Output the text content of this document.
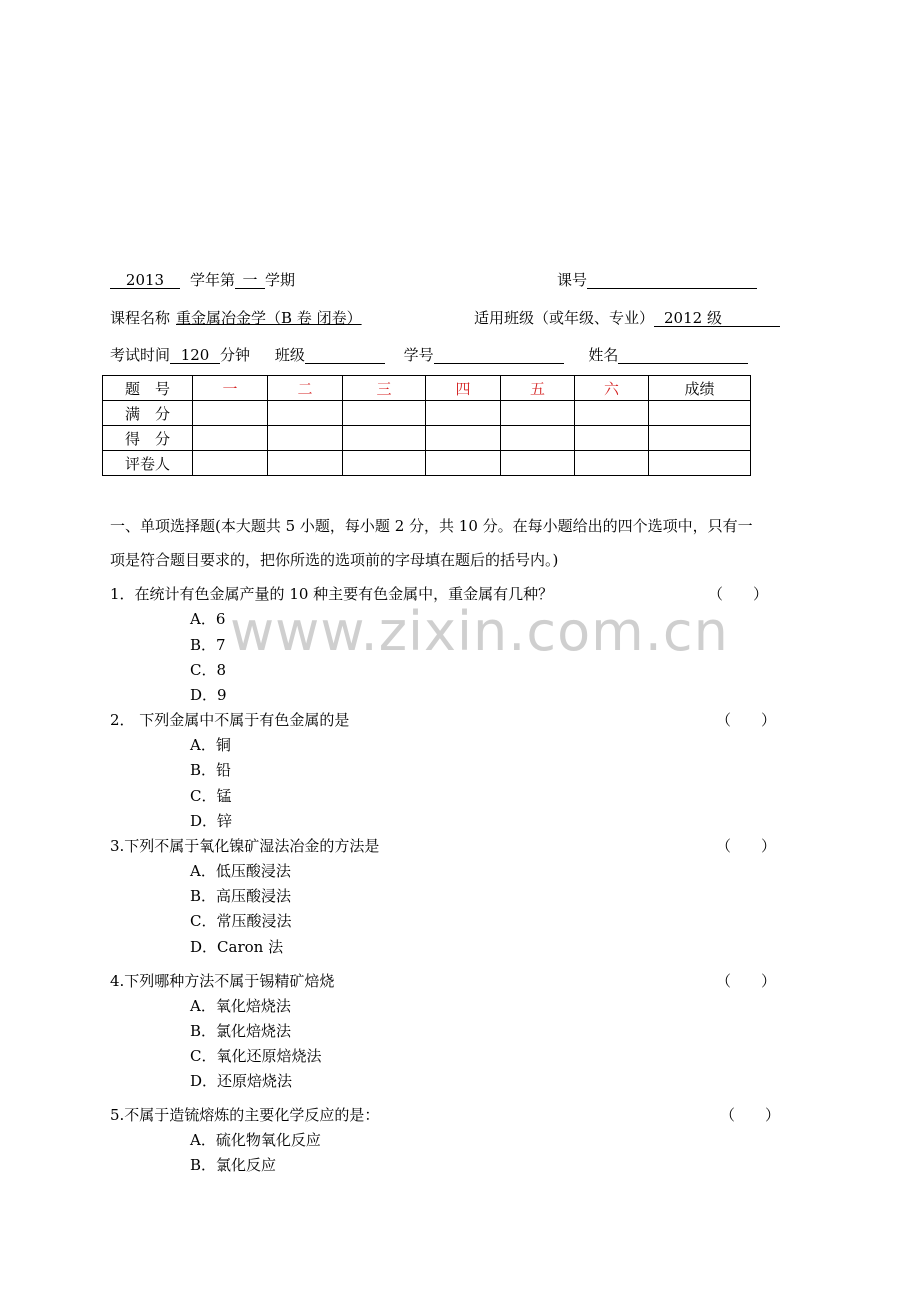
www.zixin.com.cn
2013 学年第 一 学期	课号
课程名称 重金属冶金学（B 卷 闭卷）	适用班级（或年级、专业） 2012 级
考试时间 120 分钟 班级	学号	姓名
题　号	一	二	三	四	五	六	成绩
满　分							
得　分							
评卷人							
一、单项选择题(本大题共 5 小题，每小题 2 分，共 10 分。在每小题给出的四个选项中，只有一
项是符合题目要求的，把你所选的选项前的字母填在题后的括号内。)
1．在统计有色金属产量的 10 种主要有色金属中，重金属有几种？	（　　）
A．6
B．7
C．8
D．9
2． 下列金属中不属于有色金属的是	（　　）
A．铜
B．铅
C．锰
D．锌
3.下列不属于氧化镍矿湿法冶金的方法是	（　　）
A．低压酸浸法
B．高压酸浸法
C．常压酸浸法
D．Caron 法
4.下列哪种方法不属于锡精矿焙烧	（　　）
A．氧化焙烧法
B．氯化焙烧法
C．氧化还原焙烧法
D．还原焙烧法
5.不属于造锍熔炼的主要化学反应的是：	（　　）
A．硫化物氧化反应
B．氯化反应
